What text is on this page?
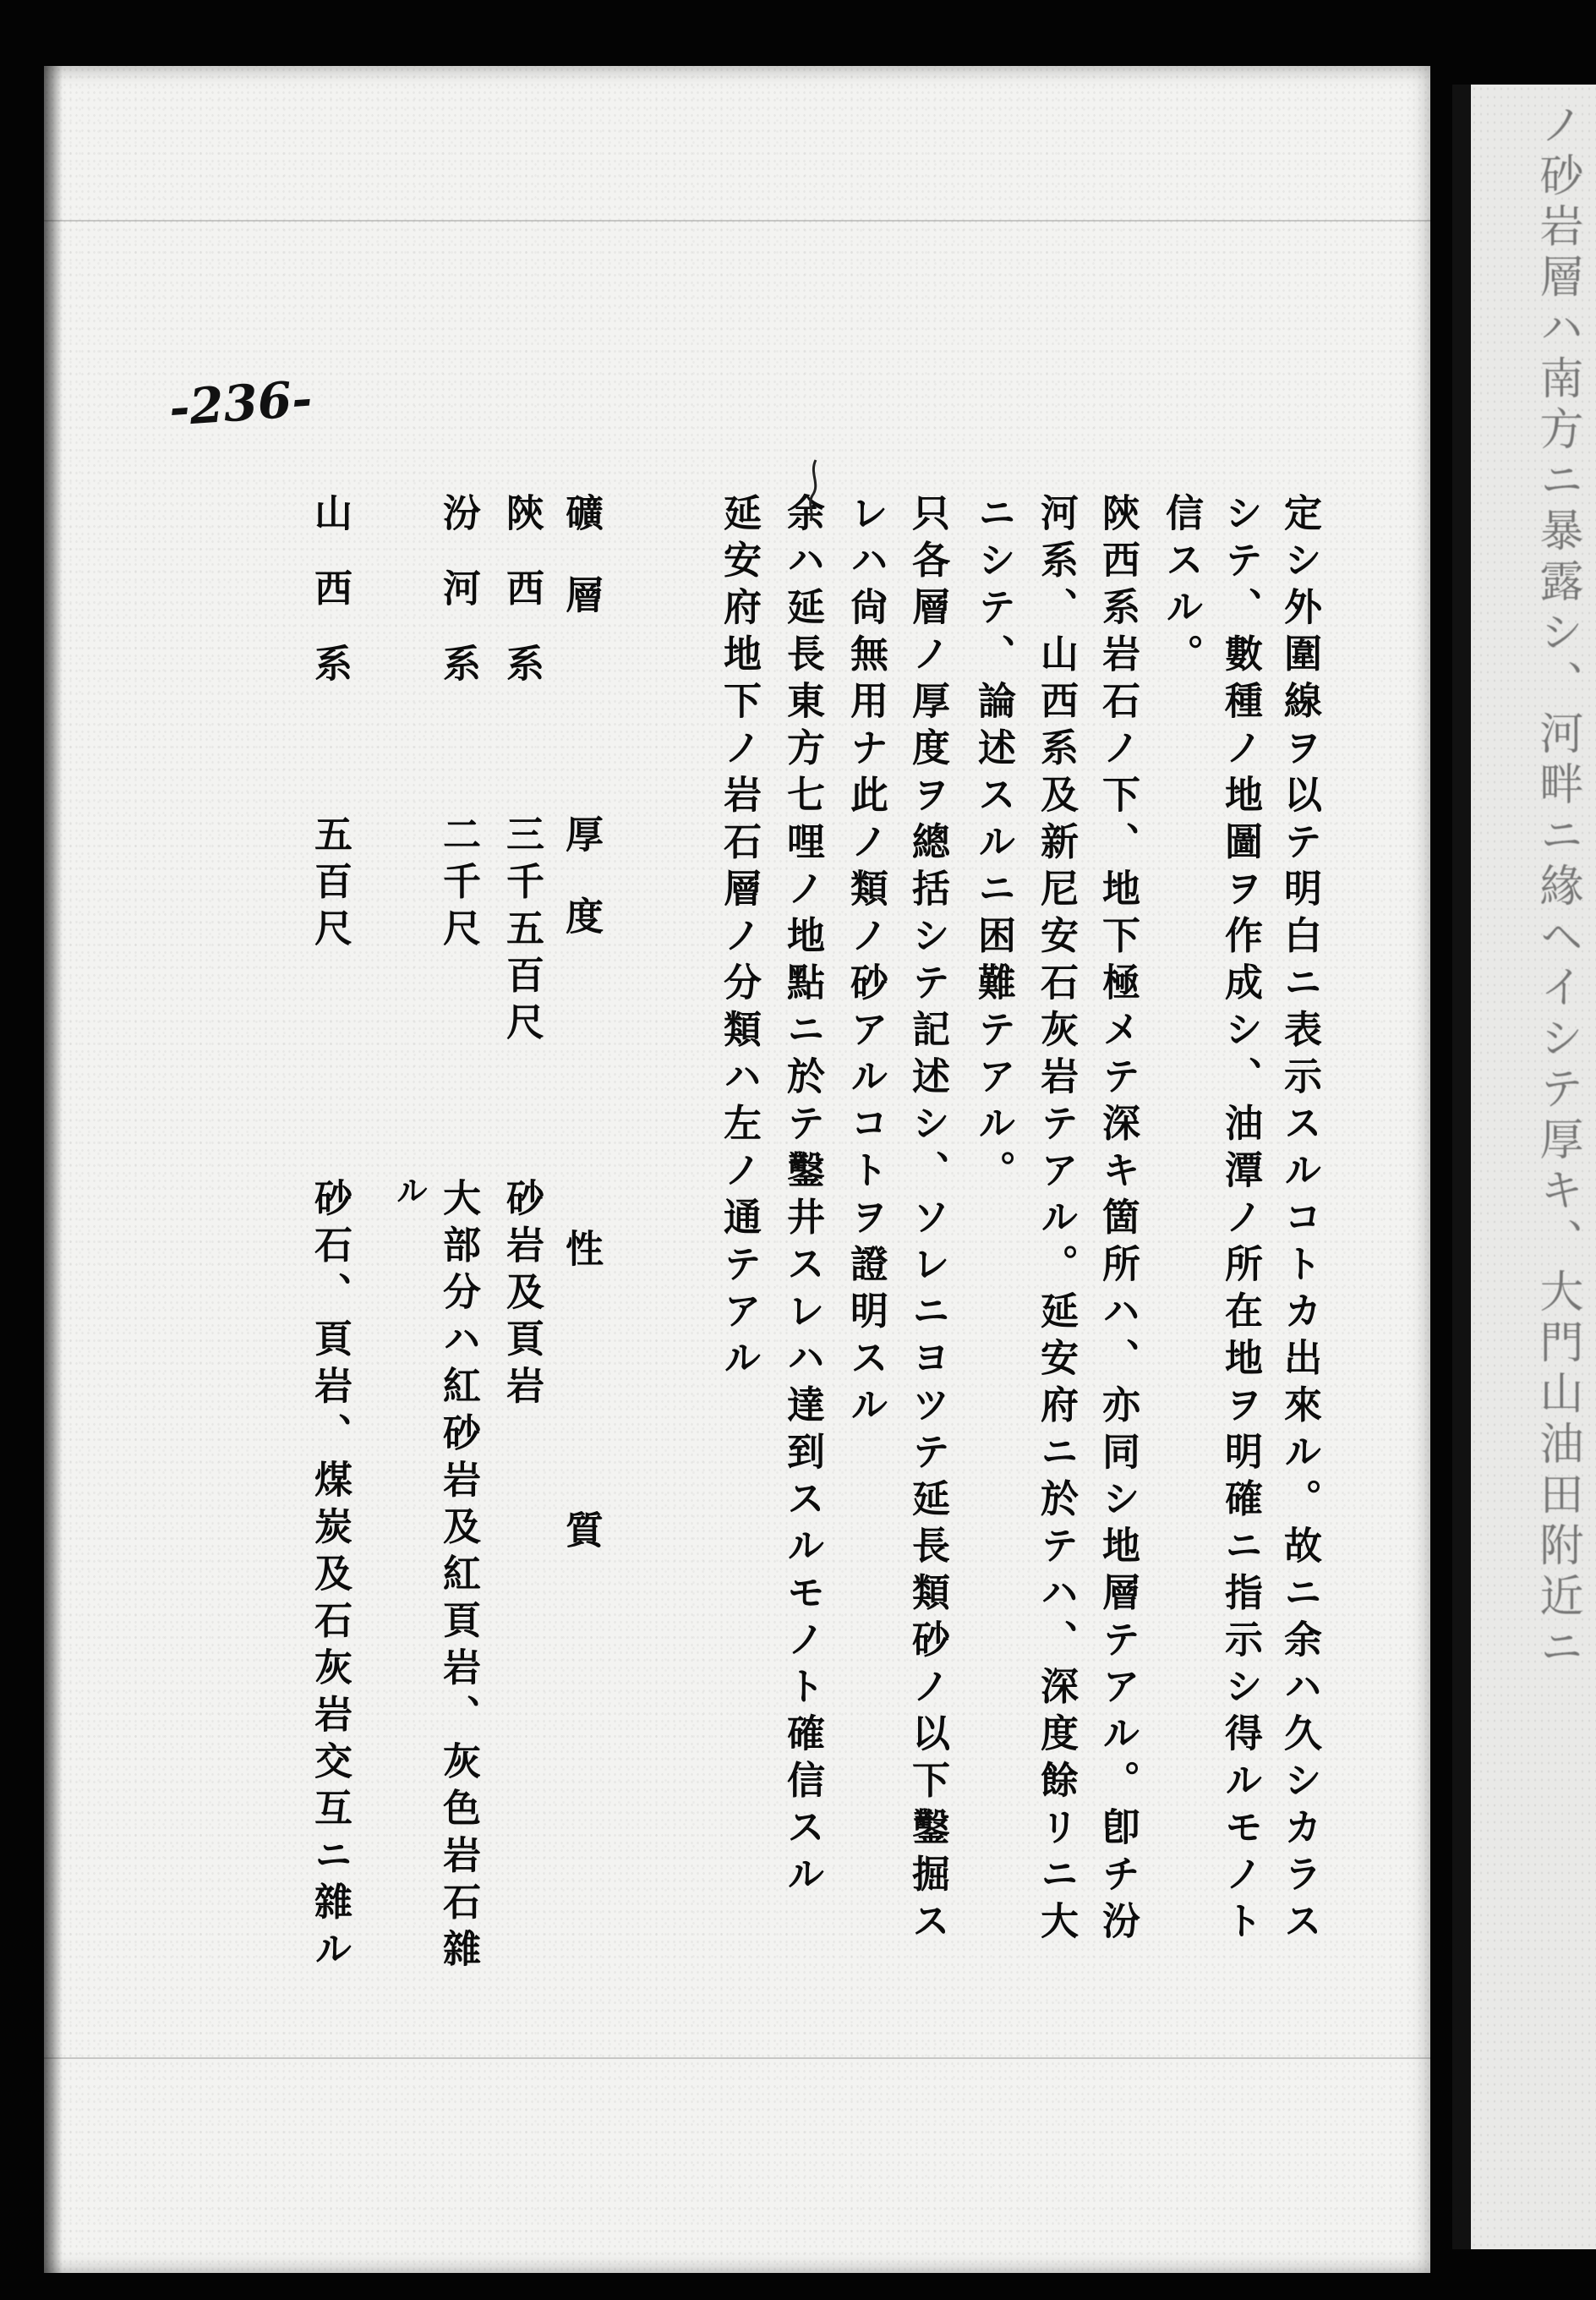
-236-
定シ外圍線ヲ以テ明白ニ表示スルコトカ出來ル。故ニ余ハ久シカラス
シテ、數種ノ地圖ヲ作成シ、油潭ノ所在地ヲ明確ニ指示シ得ルモノト
信スル。
陝西系岩石ノ下、地下極メテ深キ箇所ハ、亦同シ地層テアル。卽チ汾
河系、山西系及新尼安石灰岩テアル。延安府ニ於テハ、深度餘リニ大
ニシテ、論述スルニ困難テアル。
只各層ノ厚度ヲ總括シテ記述シ、ソレニヨツテ延長類砂ノ以下鑿掘ス
レハ尙無用ナ此ノ類ノ砂アルコトヲ證明スル
余ハ延長東方七哩ノ地點ニ於テ鑿井スレハ達到スルモノト確信スル
延安府地下ノ岩石層ノ分類ハ左ノ通テアル
礦層
厚度
性質
陝西系
三千五百尺
砂岩及頁岩
汾河系
二千尺
大部分ハ紅砂岩及紅頁岩、灰色岩石雜
ル
山西系
五百尺
砂石、頁岩、煤炭及石灰岩交互ニ雜ル	ノ砂岩層ハ南方ニ暴露シ、河畔ニ緣ヘイシテ厚キ、大門山油田附近ニ
